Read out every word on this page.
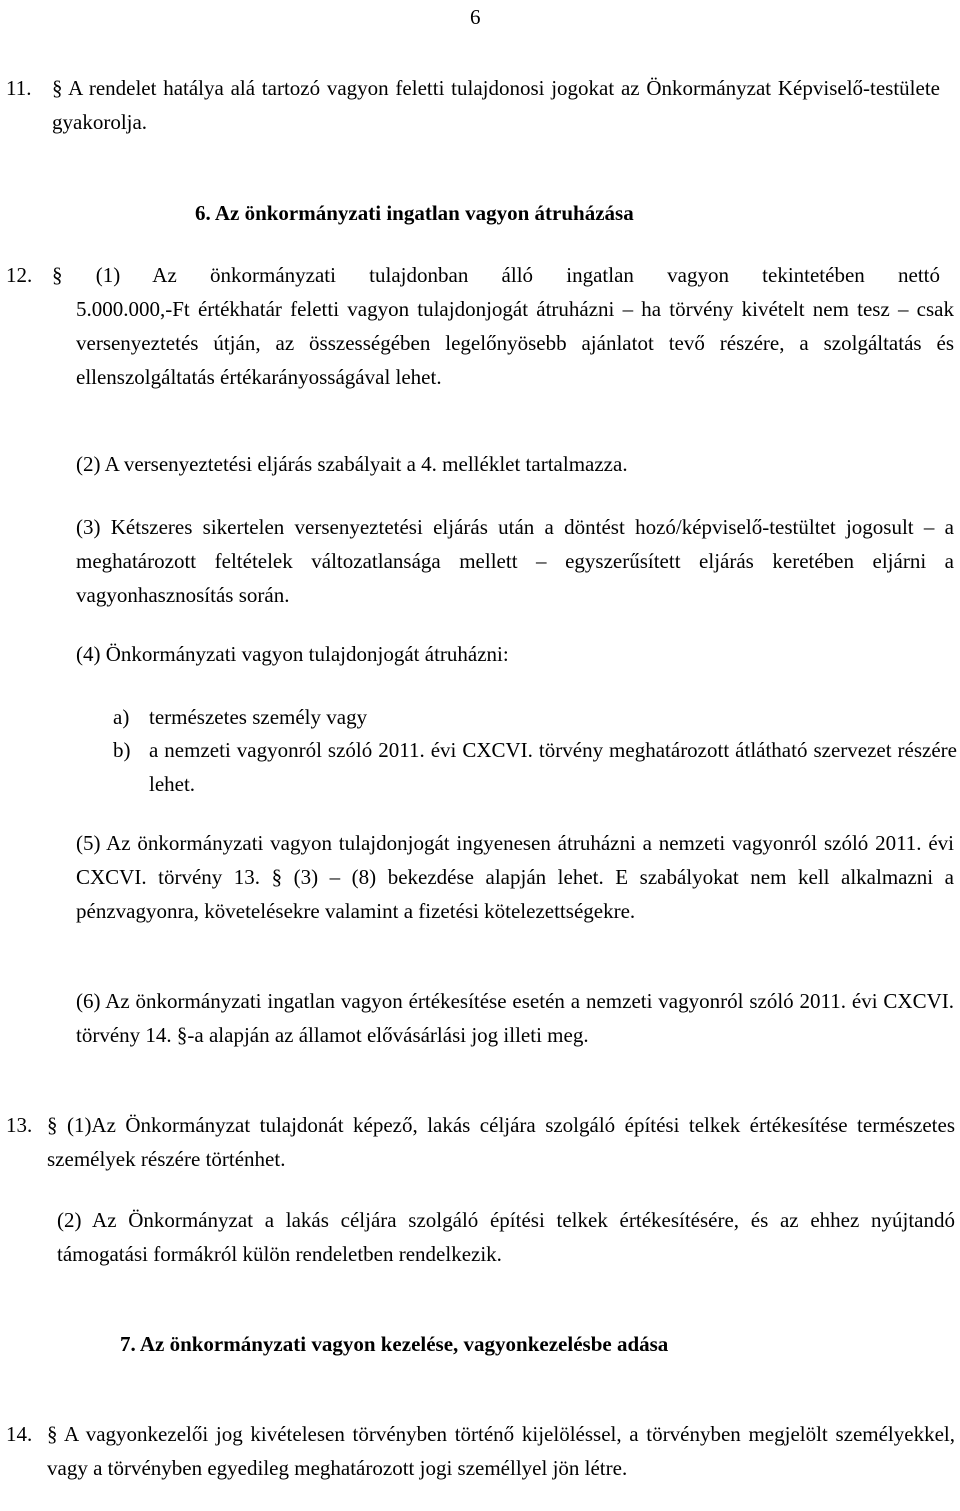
6
11. § A rendelet hatálya alá tartozó vagyon feletti tulajdonosi jogokat az Önkormányzat Képviselő-testülete gyakorolja.
6. Az önkormányzati ingatlan vagyon átruházása
12. § (1) Az önkormányzati tulajdonban álló ingatlan vagyon tekintetében nettó
5.000.000,-Ft értékhatár feletti vagyon tulajdonjogát átruházni – ha törvény kivételt nem tesz – csak versenyeztetés útján, az összességében legelőnyösebb ajánlatot tevő részére, a szolgáltatás és ellenszolgáltatás értékarányosságával lehet.
(2) A versenyeztetési eljárás szabályait a 4. melléklet tartalmazza.
(3) Kétszeres sikertelen versenyeztetési eljárás után a döntést hozó/képviselő-testültet jogosult – a meghatározott feltételek változatlansága mellett – egyszerűsített eljárás keretében eljárni a vagyonhasznosítás során.
(4) Önkormányzati vagyon tulajdonjogát átruházni:
a) természetes személy vagy
b) a nemzeti vagyonról szóló 2011. évi CXCVI. törvény meghatározott átlátható szervezet részére lehet.
(5) Az önkormányzati vagyon tulajdonjogát ingyenesen átruházni a nemzeti vagyonról szóló 2011. évi CXCVI. törvény 13. § (3) – (8) bekezdése alapján lehet. E szabályokat nem kell alkalmazni a pénzvagyonra, követelésekre valamint a fizetési kötelezettségekre.
(6) Az önkormányzati ingatlan vagyon értékesítése esetén a nemzeti vagyonról szóló 2011. évi CXCVI. törvény 14. §-a alapján az államot elővásárlási jog illeti meg.
13. § (1)Az Önkormányzat tulajdonát képező, lakás céljára szolgáló építési telkek értékesítése természetes személyek részére történhet.
(2) Az Önkormányzat a lakás céljára szolgáló építési telkek értékesítésére, és az ehhez nyújtandó támogatási formákról külön rendeletben rendelkezik.
7. Az önkormányzati vagyon kezelése, vagyonkezelésbe adása
14. § A vagyonkezelői jog kivételesen törvényben történő kijelöléssel, a törvényben megjelölt személyekkel, vagy a törvényben egyedileg meghatározott jogi személlyel jön létre.
